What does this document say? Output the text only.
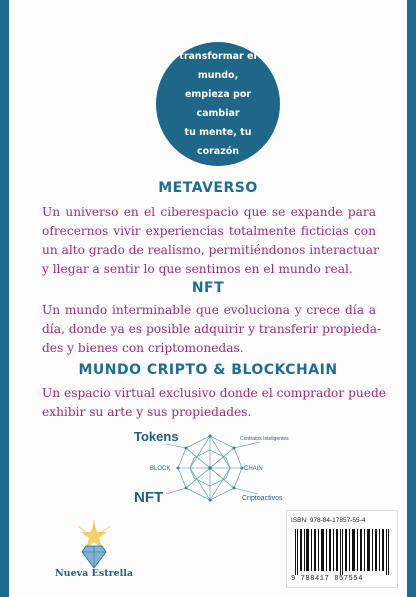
Si deseas
transformar el mundo,
empieza por cambiar
tu mente, tu corazón
y tu esencia.
METAVERSO
Un universo en el ciberespacio que se expande para
ofrecernos vivir experiencias totalmente ficticias con
un alto grado de realismo, permitiéndonos interactuar
y llegar a sentir lo que sentimos en el mundo real.
NFT
Un mundo interminable que evoluciona y crece día a
día, donde ya es posible adquirir y transferir propieda-
des y bienes con criptomonedas.
MUNDO CRIPTO & BLOCKCHAIN
Un espacio virtual exclusivo donde el comprador puede
exhibir su arte y sus propiedades.
Tokens	Contratos Inteligentes
BLOCK	CHAIN
NFT	Criptoactivos
Nueva Estrella
ISBN: 978-84-17857-55-4
9 788417 857554
